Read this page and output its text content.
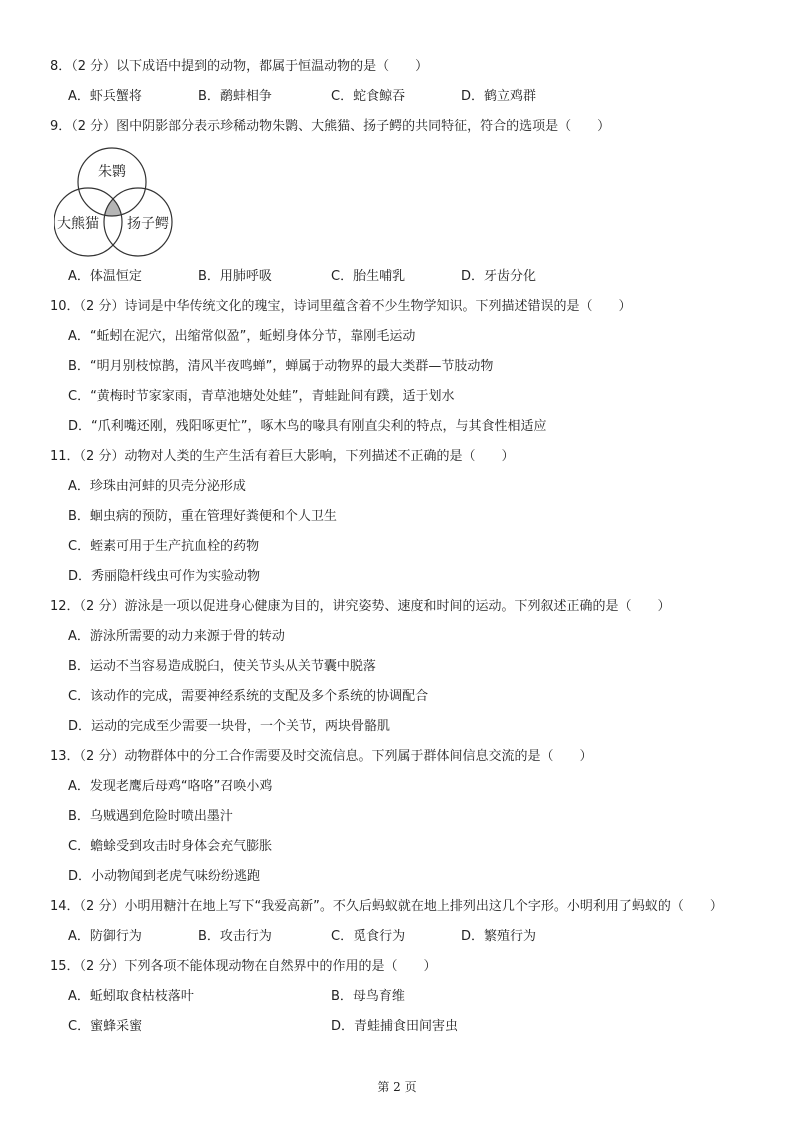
8．（2 分）以下成语中提到的动物，都属于恒温动物的是（　　）
A．虾兵蟹将	B．鹬蚌相争	C．蛇食鲸吞	D．鹤立鸡群
9．（2 分）图中阴影部分表示珍稀动物朱鹮、大熊猫、扬子鳄的共同特征，符合的选项是（　　）
朱鹮
大熊猫 扬子鳄
A．体温恒定	B．用肺呼吸	C．胎生哺乳	D．牙齿分化
10．（2 分）诗词是中华传统文化的瑰宝，诗词里蕴含着不少生物学知识。下列描述错误的是（　　）
A．“蚯蚓在泥穴，出缩常似盈”，蚯蚓身体分节，靠刚毛运动
B．“明月别枝惊鹊，清风半夜鸣蝉”，蝉属于动物界的最大类群—节肢动物
C．“黄梅时节家家雨，青草池塘处处蛙”，青蛙趾间有蹼，适于划水
D．“爪利嘴还刚，残阳啄更忙”，啄木鸟的喙具有刚直尖利的特点，与其食性相适应
11．（2 分）动物对人类的生产生活有着巨大影响，下列描述不正确的是（　　）
A．珍珠由河蚌的贝壳分泌形成
B．蛔虫病的预防，重在管理好粪便和个人卫生
C．蛭素可用于生产抗血栓的药物
D．秀丽隐杆线虫可作为实验动物
12．（2 分）游泳是一项以促进身心健康为目的，讲究姿势、速度和时间的运动。下列叙述正确的是（　　）
A．游泳所需要的动力来源于骨的转动
B．运动不当容易造成脱臼，使关节头从关节囊中脱落
C．该动作的完成，需要神经系统的支配及多个系统的协调配合
D．运动的完成至少需要一块骨，一个关节，两块骨骼肌
13．（2 分）动物群体中的分工合作需要及时交流信息。下列属于群体间信息交流的是（　　）
A．发现老鹰后母鸡“咯咯”召唤小鸡
B．乌贼遇到危险时喷出墨汁
C．蟾蜍受到攻击时身体会充气膨胀
D．小动物闻到老虎气味纷纷逃跑
14．（2 分）小明用糖汁在地上写下“我爱高新”。不久后蚂蚁就在地上排列出这几个字形。小明利用了蚂蚁的（　　）
A．防御行为	B．攻击行为	C．觅食行为	D．繁殖行为
15．（2 分）下列各项不能体现动物在自然界中的作用的是（　　）
A．蚯蚓取食枯枝落叶	B．母鸟育维
C．蜜蜂采蜜	D．青蛙捕食田间害虫
第 2 页
